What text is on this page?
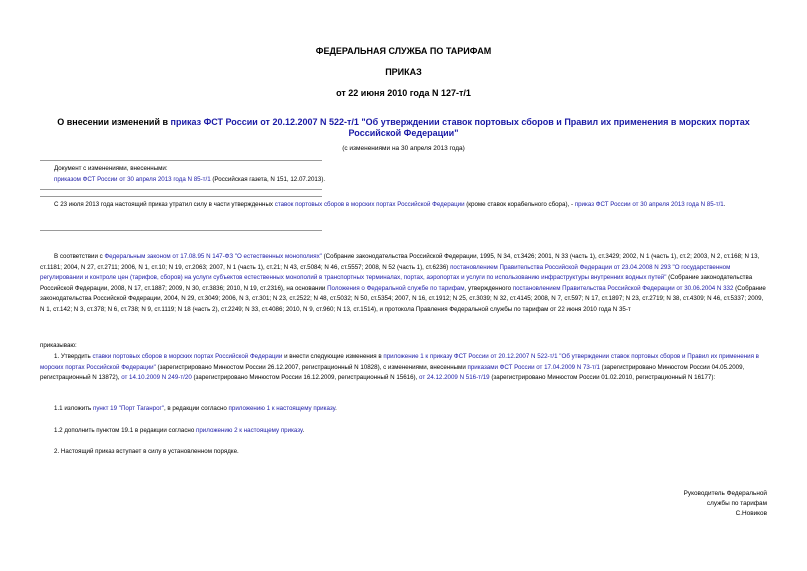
ФЕДЕРАЛЬНАЯ СЛУЖБА ПО ТАРИФАМ
ПРИКАЗ
от 22 июня 2010 года N 127-т/1
О внесении изменений в приказ ФСТ России от 20.12.2007 N 522-т/1 "Об утверждении ставок портовых сборов и Правил их применения в морских портах Российской Федерации"
(с изменениями на 30 апреля 2013 года)
Документ с изменениями, внесенными:
приказом ФСТ России от 30 апреля 2013 года N 85-т/1 (Российская газета, N 151, 12.07.2013).
С 23 июля 2013 года настоящий приказ утратил силу в части утвержденных ставок портовых сборов в морских портах Российской Федерации (кроме ставок корабельного сбора), - приказ ФСТ России от 30 апреля 2013 года N 85-т/1.
В соответствии с Федеральным законом от 17.08.95 N 147-ФЗ "О естественных монополиях" (Собрание законодательства Российской Федерации, 1995, N 34, ст.3426; 2001, N 33 (часть 1), ст.3429; 2002, N 1 (часть 1), ст.2; 2003, N 2, ст.168; N 13, ст.1181; 2004, N 27, ст.2711; 2006, N 1, ст.10; N 19, ст.2063; 2007, N 1 (часть 1), ст.21; N 43, ст.5084; N 46, ст.5557; 2008, N 52 (часть 1), ст.6236) постановлением Правительства Российской Федерации от 23.04.2008 N 293 "О государственном регулировании и контроле цен (тарифов, сборов) на услуги субъектов естественных монополий в транспортных терминалах, портах, аэропортах и услуги по использованию инфраструктуры внутренних водных путей" (Собрание законодательства Российской Федерации, 2008, N 17, ст.1887; 2009, N 30, ст.3836; 2010, N 19, ст.2316), на основании Положения о Федеральной службе по тарифам, утвержденного постановлением Правительства Российской Федерации от 30.06.2004 N 332 (Собрание законодательства Российской Федерации, 2004, N 29, ст.3049; 2006, N 3, ст.301; N 23, ст.2522; N 48, ст.5032; N 50, ст.5354; 2007, N 16, ст.1912; N 25, ст.3039; N 32, ст.4145; 2008, N 7, ст.597; N 17, ст.1897; N 23, ст.2719; N 38, ст.4309; N 46, ст.5337; 2009, N 1, ст.142; N 3, ст.378; N 6, ст.738; N 9, ст.1119; N 18 (часть 2), ст.2249; N 33, ст.4086; 2010, N 9, ст.960; N 13, ст.1514), и протокола Правления Федеральной службы по тарифам от 22 июня 2010 года N 35-т
приказываю:
1. Утвердить ставки портовых сборов в морских портах Российской Федерации и внести следующие изменения в приложение 1 к приказу ФСТ России от 20.12.2007 N 522-т/1 "Об утверждении ставок портовых сборов и Правил их применения в морских портах Российской Федерации" (зарегистрировано Минюстом России 26.12.2007, регистрационный N 10828), с изменениями, внесенными приказами ФСТ России от 17.04.2009 N 73-т/1 (зарегистрировано Минюстом России 04.05.2009, регистрационный N 13872), от 14.10.2009 N 249-т/20 (зарегистрировано Минюстом России 16.12.2009, регистрационный N 15616), от 24.12.2009 N 516-т/19 (зарегистрировано Минюстом России 01.02.2010, регистрационный N 16177):
1.1 изложить пункт 19 "Порт Таганрог", в редакции согласно приложению 1 к настоящему приказу.
1.2 дополнить пунктом 19.1 в редакции согласно приложению 2 к настоящему приказу.
2. Настоящий приказ вступает в силу в установленном порядке.
Руководитель Федеральной
службы по тарифам
С.Новиков
